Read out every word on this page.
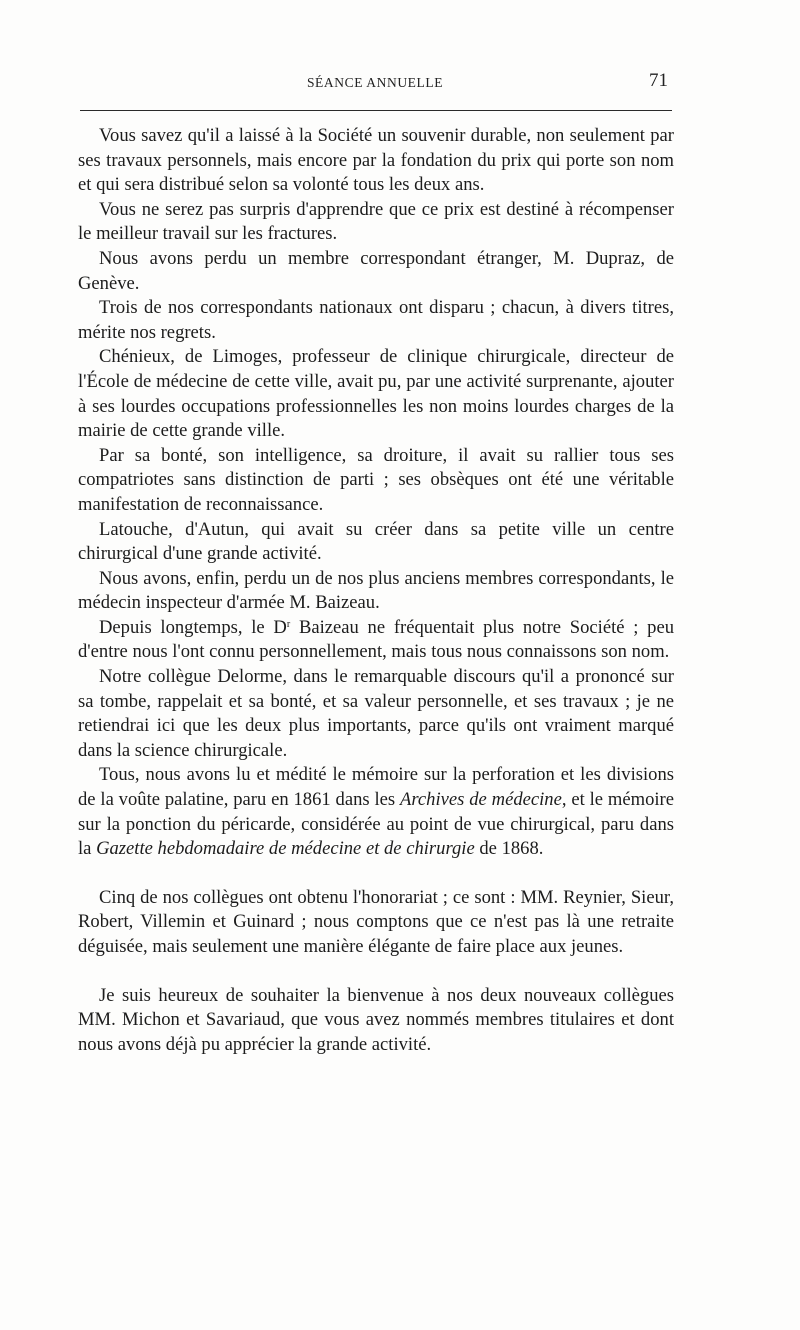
SÉANCE ANNUELLE	71

Vous savez qu'il a laissé à la Société un souvenir durable, non seulement par ses travaux personnels, mais encore par la fondation du prix qui porte son nom et qui sera distribué selon sa volonté tous les deux ans.

Vous ne serez pas surpris d'apprendre que ce prix est destiné à récompenser le meilleur travail sur les fractures.

Nous avons perdu un membre correspondant étranger, M. Dupraz, de Genève.

Trois de nos correspondants nationaux ont disparu ; chacun, à divers titres, mérite nos regrets.

Chénieux, de Limoges, professeur de clinique chirurgicale, directeur de l'École de médecine de cette ville, avait pu, par une activité surprenante, ajouter à ses lourdes occupations professionnelles les non moins lourdes charges de la mairie de cette grande ville.

Par sa bonté, son intelligence, sa droiture, il avait su rallier tous ses compatriotes sans distinction de parti ; ses obsèques ont été une véritable manifestation de reconnaissance.

Latouche, d'Autun, qui avait su créer dans sa petite ville un centre chirurgical d'une grande activité.

Nous avons, enfin, perdu un de nos plus anciens membres correspondants, le médecin inspecteur d'armée M. Baizeau.

Depuis longtemps, le $D^r$ Baizeau ne fréquentait plus notre Société ; peu d'entre nous l'ont connu personnellement, mais tous nous connaissons son nom.

Notre collègue Delorme, dans le remarquable discours qu'il a prononcé sur sa tombe, rappelait et sa bonté, et sa valeur personnelle, et ses travaux ; je ne retiendrai ici que les deux plus importants, parce qu'ils ont vraiment marqué dans la science chirurgicale.

Tous, nous avons lu et médité le mémoire sur la perforation et les divisions de la voûte palatine, paru en 1861 dans les Archives de médecine, et le mémoire sur la ponction du péricarde, considérée au point de vue chirurgical, paru dans la Gazette hebdomadaire de médecine et de chirurgie de 1868.

Cinq de nos collègues ont obtenu l'honorariat ; ce sont : MM. Reynier, Sieur, Robert, Villemin et Guinard ; nous comptons que ce n'est pas là une retraite déguisée, mais seulement une manière élégante de faire place aux jeunes.

Je suis heureux de souhaiter la bienvenue à nos deux nouveaux collègues MM. Michon et Savariaud, que vous avez nommés membres titulaires et dont nous avons déjà pu apprécier la grande activité.
